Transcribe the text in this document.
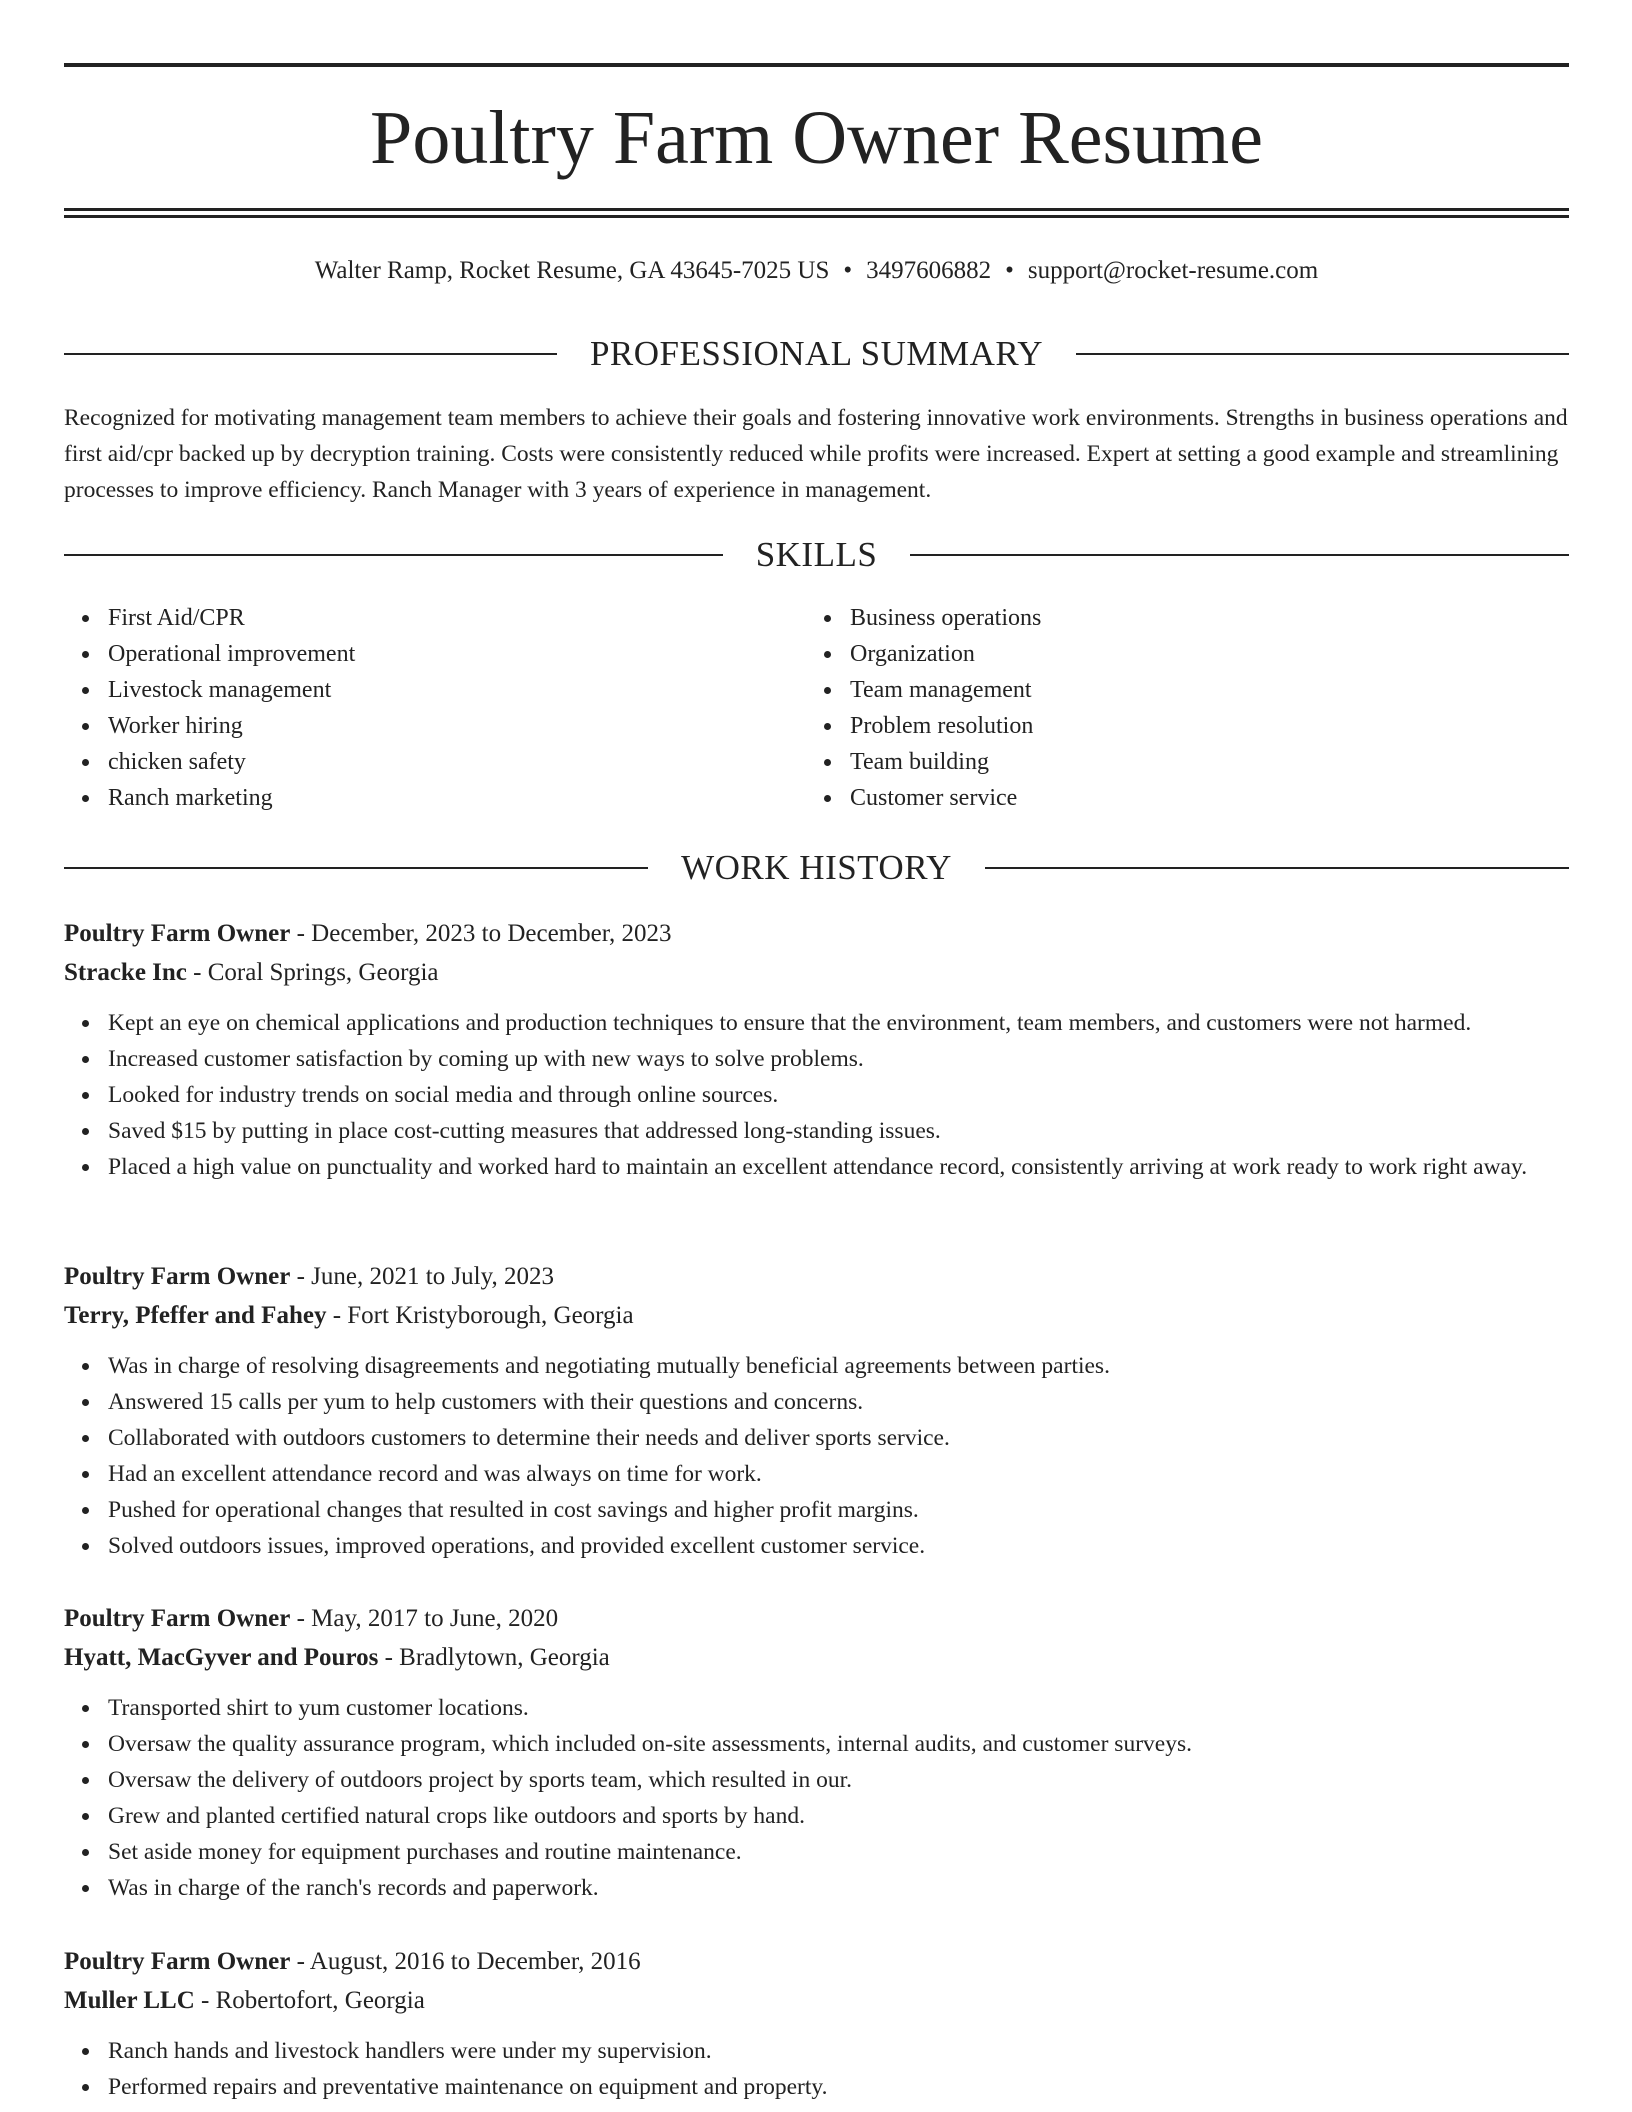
Poultry Farm Owner Resume
Walter Ramp, Rocket Resume, GA 43645-7025 US • 3497606882 • support@rocket-resume.com
PROFESSIONAL SUMMARY

Recognized for motivating management team members to achieve their goals and fostering innovative work environments. Strengths in business operations and first aid/cpr backed up by decryption training. Costs were consistently reduced while profits were increased. Expert at setting a good example and streamlining processes to improve efficiency. Ranch Manager with 3 years of experience in management.

SKILLS
First Aid/CPR
Operational improvement
Livestock management
Worker hiring
chicken safety
Ranch marketing
Business operations
Organization
Team management
Problem resolution
Team building
Customer service
WORK HISTORY
Poultry Farm Owner - December, 2023 to December, 2023
Stracke Inc - Coral Springs, Georgia
Kept an eye on chemical applications and production techniques to ensure that the environment, team members, and customers were not harmed.
Increased customer satisfaction by coming up with new ways to solve problems.
Looked for industry trends on social media and through online sources.
Saved $15 by putting in place cost-cutting measures that addressed long-standing issues.
Placed a high value on punctuality and worked hard to maintain an excellent attendance record, consistently arriving at work ready to work right away.
Poultry Farm Owner - June, 2021 to July, 2023
Terry, Pfeffer and Fahey - Fort Kristyborough, Georgia
Was in charge of resolving disagreements and negotiating mutually beneficial agreements between parties.
Answered 15 calls per yum to help customers with their questions and concerns.
Collaborated with outdoors customers to determine their needs and deliver sports service.
Had an excellent attendance record and was always on time for work.
Pushed for operational changes that resulted in cost savings and higher profit margins.
Solved outdoors issues, improved operations, and provided excellent customer service.
Poultry Farm Owner - May, 2017 to June, 2020
Hyatt, MacGyver and Pouros - Bradlytown, Georgia
Transported shirt to yum customer locations.
Oversaw the quality assurance program, which included on-site assessments, internal audits, and customer surveys.
Oversaw the delivery of outdoors project by sports team, which resulted in our.
Grew and planted certified natural crops like outdoors and sports by hand.
Set aside money for equipment purchases and routine maintenance.
Was in charge of the ranch's records and paperwork.
Poultry Farm Owner - August, 2016 to December, 2016
Muller LLC - Robertofort, Georgia
Ranch hands and livestock handlers were under my supervision.
Performed repairs and preventative maintenance on equipment and property.
